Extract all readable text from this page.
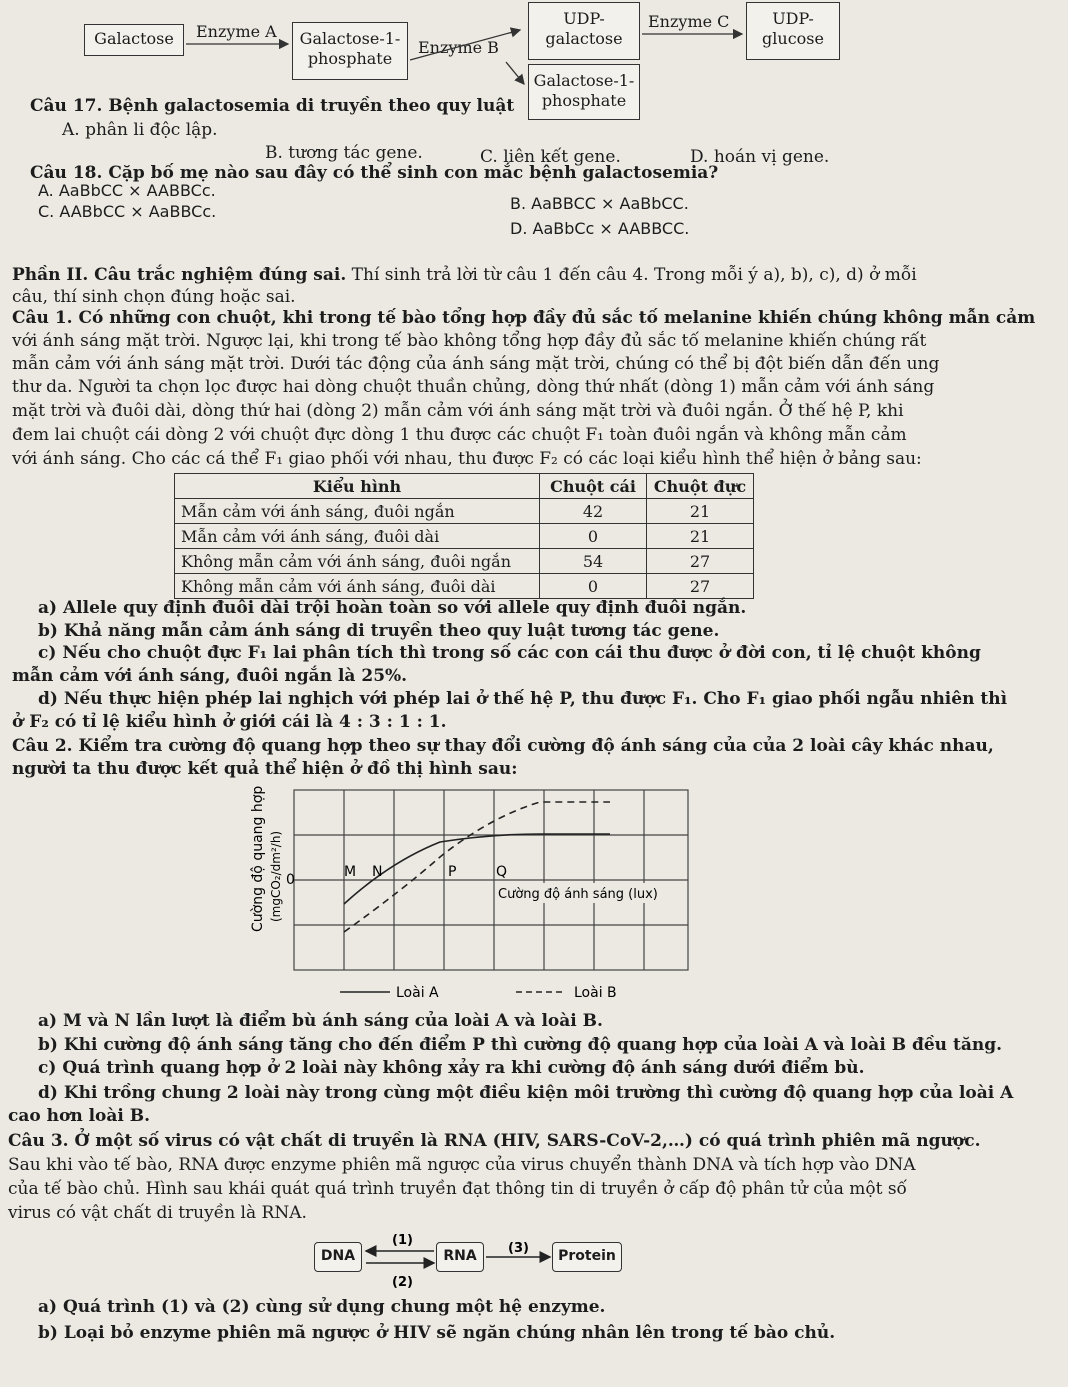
Galactose	Enzyme A	Galactose-1-
phosphate
Enzyme B
UDP-
galactose
Enzyme C	UDP-
glucose
Galactose-1-
phosphate
Câu 17. Bệnh galactosemia di truyền theo quy luật
A. phân li độc lập.
B. tương tác gene.	C. liên kết gene.	D. hoán vị gene.
Câu 18. Cặp bố mẹ nào sau đây có thể sinh con mắc bệnh galactosemia?
A. AaBbCC × AABBCc.
C. AABbCC × AaBBCc.	B. AaBBCC × AaBbCC.
D. AaBbCc × AABBCC.
Phần II. Câu trắc nghiệm đúng sai. Thí sinh trả lời từ câu 1 đến câu 4. Trong mỗi ý a), b), c), d) ở mỗi
câu, thí sinh chọn đúng hoặc sai.
Câu 1. Có những con chuột, khi trong tế bào tổng hợp đầy đủ sắc tố melanine khiến chúng không mẫn cảm
với ánh sáng mặt trời. Ngược lại, khi trong tế bào không tổng hợp đầy đủ sắc tố melanine khiến chúng rất
mẫn cảm với ánh sáng mặt trời. Dưới tác động của ánh sáng mặt trời, chúng có thể bị đột biến dẫn đến ung
thư da. Người ta chọn lọc được hai dòng chuột thuần chủng, dòng thứ nhất (dòng 1) mẫn cảm với ánh sáng
mặt trời và đuôi dài, dòng thứ hai (dòng 2) mẫn cảm với ánh sáng mặt trời và đuôi ngắn. Ở thế hệ P, khi
đem lai chuột cái dòng 2 với chuột đực dòng 1 thu được các chuột F₁ toàn đuôi ngắn và không mẫn cảm
với ánh sáng. Cho các cá thể F₁ giao phối với nhau, thu được F₂ có các loại kiểu hình thể hiện ở bảng sau:
Kiểu hình	Chuột cái	Chuột đực
Mẫn cảm với ánh sáng, đuôi ngắn	42	21
Mẫn cảm với ánh sáng, đuôi dài	0	21
Không mẫn cảm với ánh sáng, đuôi ngắn	54	27
Không mẫn cảm với ánh sáng, đuôi dài	0	27
a) Allele quy định đuôi dài trội hoàn toàn so với allele quy định đuôi ngắn.
b) Khả năng mẫn cảm ánh sáng di truyền theo quy luật tương tác gene.
c) Nếu cho chuột đực F₁ lai phân tích thì trong số các con cái thu được ở đời con, tỉ lệ chuột không
mẫn cảm với ánh sáng, đuôi ngắn là 25%.
d) Nếu thực hiện phép lai nghịch với phép lai ở thế hệ P, thu được F₁. Cho F₁ giao phối ngẫu nhiên thì
ở F₂ có tỉ lệ kiểu hình ở giới cái là 4 : 3 : 1 : 1.
Câu 2. Kiểm tra cường độ quang hợp theo sự thay đổi cường độ ánh sáng của của 2 loài cây khác nhau,
người ta thu được kết quả thể hiện ở đồ thị hình sau:
Cường độ quang hợp (mgCO₂/dm²/h) 0	M N	P	Q
Cường độ ánh sáng (lux)
Loài A	Loài B
a) M và N lần lượt là điểm bù ánh sáng của loài A và loài B.
b) Khi cường độ ánh sáng tăng cho đến điểm P thì cường độ quang hợp của loài A và loài B đều tăng.
c) Quá trình quang hợp ở 2 loài này không xảy ra khi cường độ ánh sáng dưới điểm bù.
d) Khi trồng chung 2 loài này trong cùng một điều kiện môi trường thì cường độ quang hợp của loài A
cao hơn loài B.
Câu 3. Ở một số virus có vật chất di truyền là RNA (HIV, SARS-CoV-2,…) có quá trình phiên mã ngược.
Sau khi vào tế bào, RNA được enzyme phiên mã ngược của virus chuyển thành DNA và tích hợp vào DNA
của tế bào chủ. Hình sau khái quát quá trình truyền đạt thông tin di truyền ở cấp độ phân tử của một số
virus có vật chất di truyền là RNA.
DNA	RNA	Protein
(1)
(2)
(3)
a) Quá trình (1) và (2) cùng sử dụng chung một hệ enzyme.
b) Loại bỏ enzyme phiên mã ngược ở HIV sẽ ngăn chúng nhân lên trong tế bào chủ.
